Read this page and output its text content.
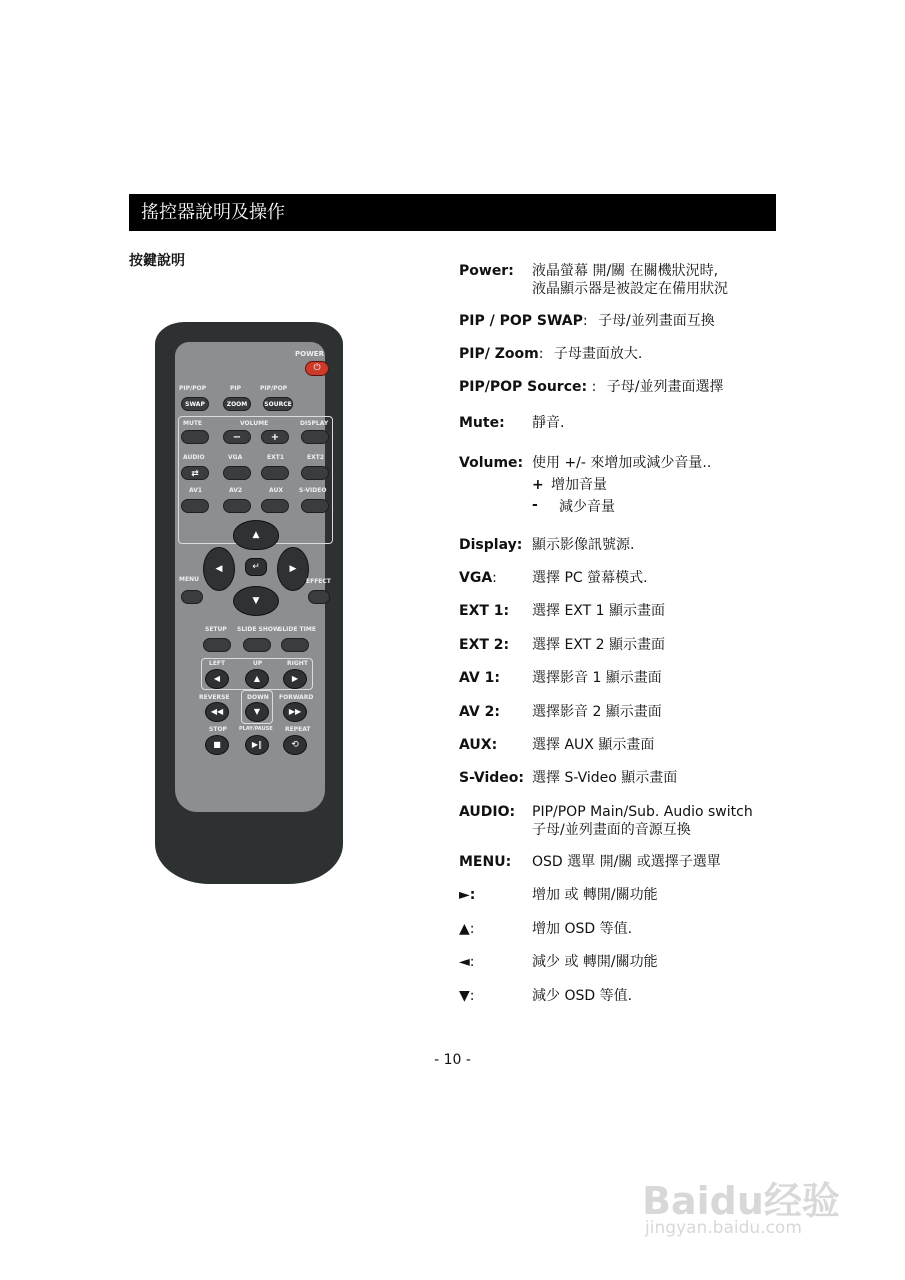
搖控器說明及操作
按鍵說明
POWER
⏻
PIP/POP	PIP	PIP/POP
SWAP	ZOOM	SOURCE
MUTE	VOLUME	DISPLAY
−	+
AUDIO	VGA	EXT1	EXT2
⇄
AV1	AV2	AUX	S-VIDEO
▲
◀	▶
↵
▼
MENU	EFFECT
SETUP SLIDE SHOW
SLIDE TIME
LEFT	UP	RIGHT
◀	▲	▶
REVERSE	DOWN FORWARD
◀◀	▼	▶▶
STOP PLAY/PAUSE REPEAT
■	▶‖	⟲
Power: 液晶螢幕 開/關 在關機狀況時,
液晶顯示器是被設定在備用狀況
PIP / POP SWAP: 子母/並列畫面互換
PIP/ Zoom: 子母畫面放大.
PIP/POP Source: : 子母/並列畫面選擇
Mute: 靜音.
Volume: 使用 +/- 來增加或減少音量..
+ 增加音量
- 減少音量
Display: 顯示影像訊號源.
VGA:	選擇 PC 螢幕模式.
EXT 1: 選擇 EXT 1 顯示畫面
EXT 2: 選擇 EXT 2 顯示畫面
AV 1: 選擇影音 1 顯示畫面
AV 2: 選擇影音 2 顯示畫面
AUX: 選擇 AUX 顯示畫面
S-Video: 選擇 S-Video 顯示畫面
AUDIO: PIP/POP Main/Sub. Audio switch
子母/並列畫面的音源互換
MENU: OSD 選單 開/關 或選擇子選單
►:	增加 或 轉開/關功能
▲:	增加 OSD 等值.
◄:	減少 或 轉開/關功能
▼:	減少 OSD 等值.
- 10 -
Baidu经验
jingyan.baidu.com
